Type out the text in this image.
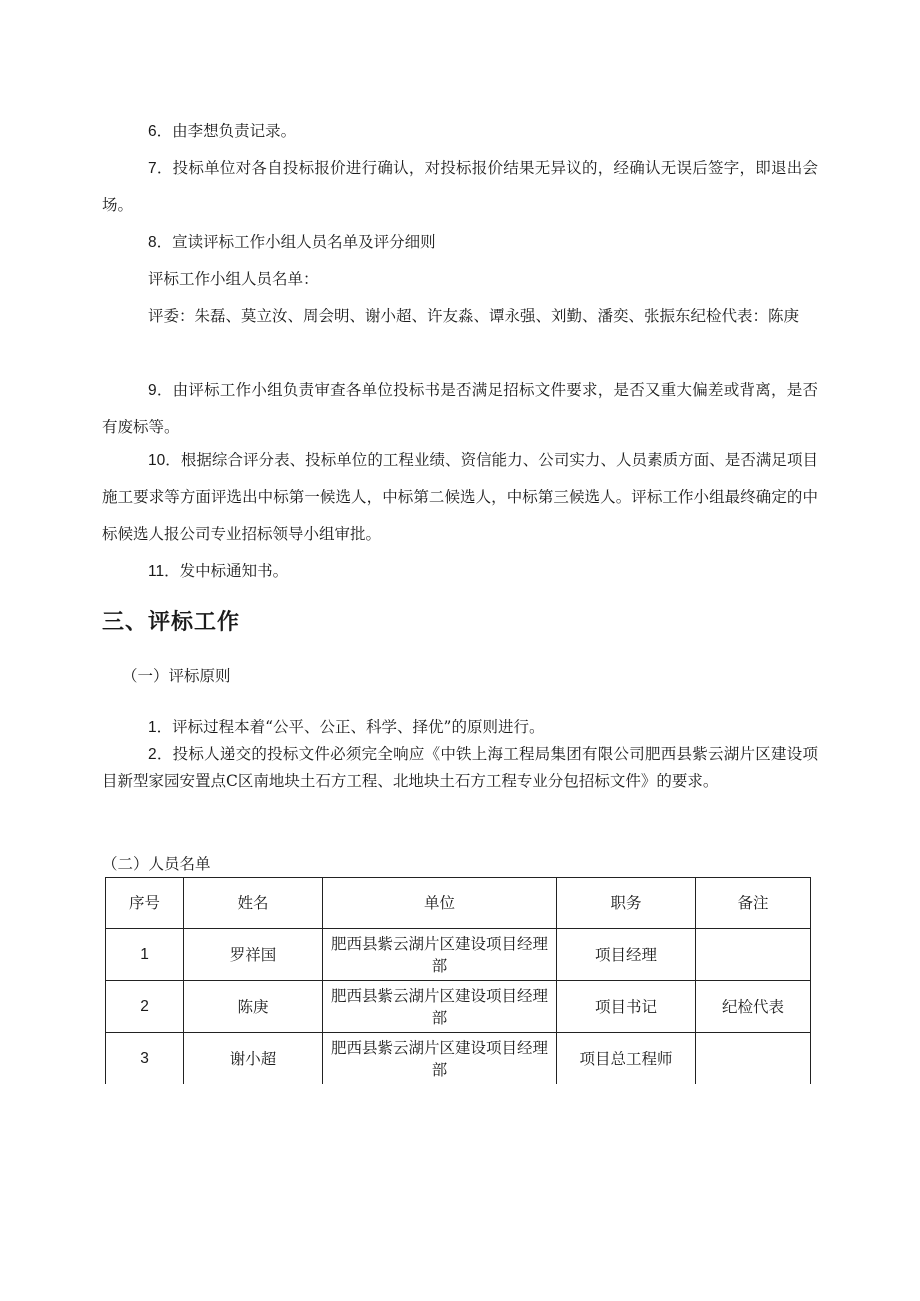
6．由李想负责记录。

7．投标单位对各自投标报价进行确认，对投标报价结果无异议的，经确认无误后签字，即退出会场。

8．宣读评标工作小组人员名单及评分细则

评标工作小组人员名单：

评委：朱磊、莫立汝、周会明、谢小超、许友淼、谭永强、刘勤、潘奕、张振东纪检代表：陈庚

9．由评标工作小组负责审查各单位投标书是否满足招标文件要求，是否又重大偏差或背离，是否有废标等。

10．根据综合评分表、投标单位的工程业绩、资信能力、公司实力、人员素质方面、是否满足项目施工要求等方面评选出中标第一候选人，中标第二候选人，中标第三候选人。评标工作小组最终确定的中标候选人报公司专业招标领导小组审批。

11．发中标通知书。

三、评标工作

（一）评标原则

1．评标过程本着“公平、公正、科学、择优”的原则进行。

2．投标人递交的投标文件必须完全响应《中铁上海工程局集团有限公司肥西县紫云湖片区建设项目新型家园安置点C区南地块土石方工程、北地块土石方工程专业分包招标文件》的要求。

（二）人员名单

序号	姓名	单位	职务	备注
1	罗祥国	肥西县紫云湖片区建设项目经理部	项目经理	
2	陈庚	肥西县紫云湖片区建设项目经理部	项目书记	纪检代表
3	谢小超	肥西县紫云湖片区建设项目经理部	项目总工程师	
